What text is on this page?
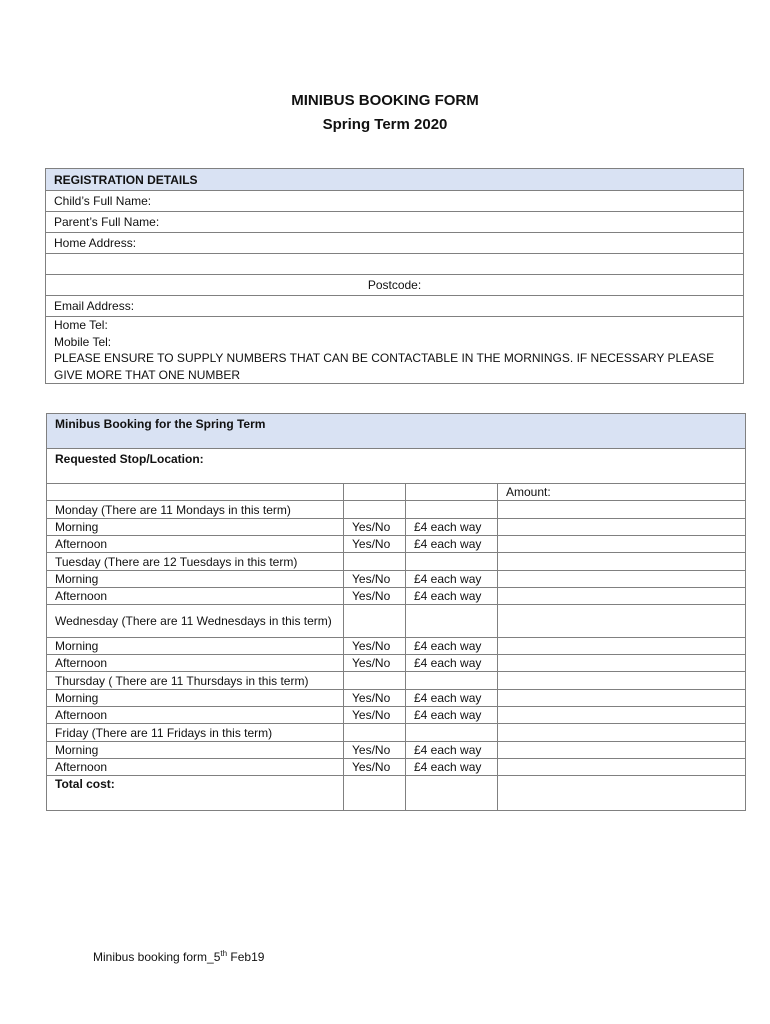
MINIBUS BOOKING FORM
Spring Term 2020
REGISTRATION DETAILS
Child’s Full Name:
Parent’s Full Name:
Home Address:

Postcode:
Email Address:

Home Tel:
Mobile Tel:
PLEASE ENSURE TO SUPPLY NUMBERS THAT CAN BE CONTACTABLE IN THE MORNINGS. IF NECESSARY PLEASE GIVE MORE THAT ONE NUMBER
Minibus Booking for the Spring Term			
Requested Stop/Location:			
			Amount:
Monday (There are 11 Mondays in this term)			
Morning	Yes/No	£4 each way	
Afternoon	Yes/No	£4 each way	
Tuesday (There are 12 Tuesdays in this term)			
Morning	Yes/No	£4 each way	
Afternoon	Yes/No	£4 each way	
Wednesday (There are 11 Wednesdays in this term)			
Morning	Yes/No	£4 each way	
Afternoon	Yes/No	£4 each way	
Thursday ( There are 11 Thursdays in this term)			
Morning	Yes/No	£4 each way	
Afternoon	Yes/No	£4 each way	
Friday (There are 11 Fridays in this term)			
Morning	Yes/No	£4 each way	
Afternoon	Yes/No	£4 each way	
Total cost:			
Minibus booking form_5th Feb19
